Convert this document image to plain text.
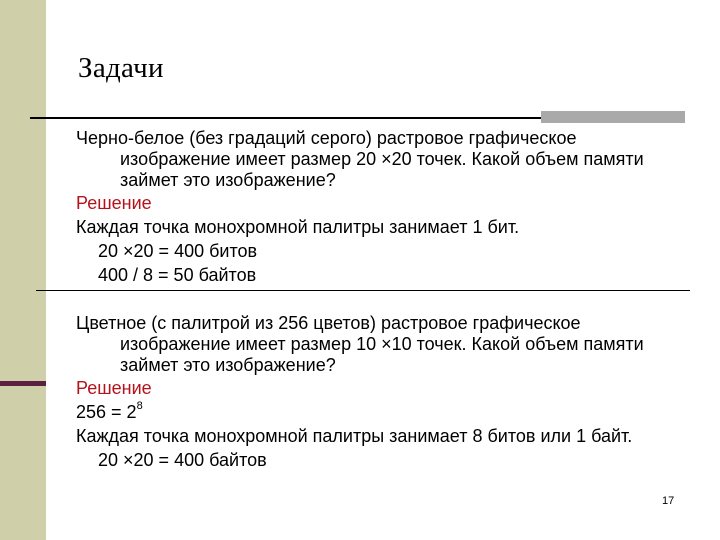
Задачи
Черно-белое (без градаций серого) растровое графическое
изображение имеет размер 20 ×20 точек. Какой объем памяти
займет это изображение?
Решение
Каждая точка монохромной палитры занимает 1 бит.
20 ×20 = 400 битов
400 / 8 = 50 байтов
Цветное (с палитрой из 256 цветов) растровое графическое
изображение имеет размер 10 ×10 точек. Какой объем памяти
займет это изображение?
Решение
$256 = 2^8$
Каждая точка монохромной палитры занимает 8 битов или 1 байт.
20 ×20 = 400 байтов
17
